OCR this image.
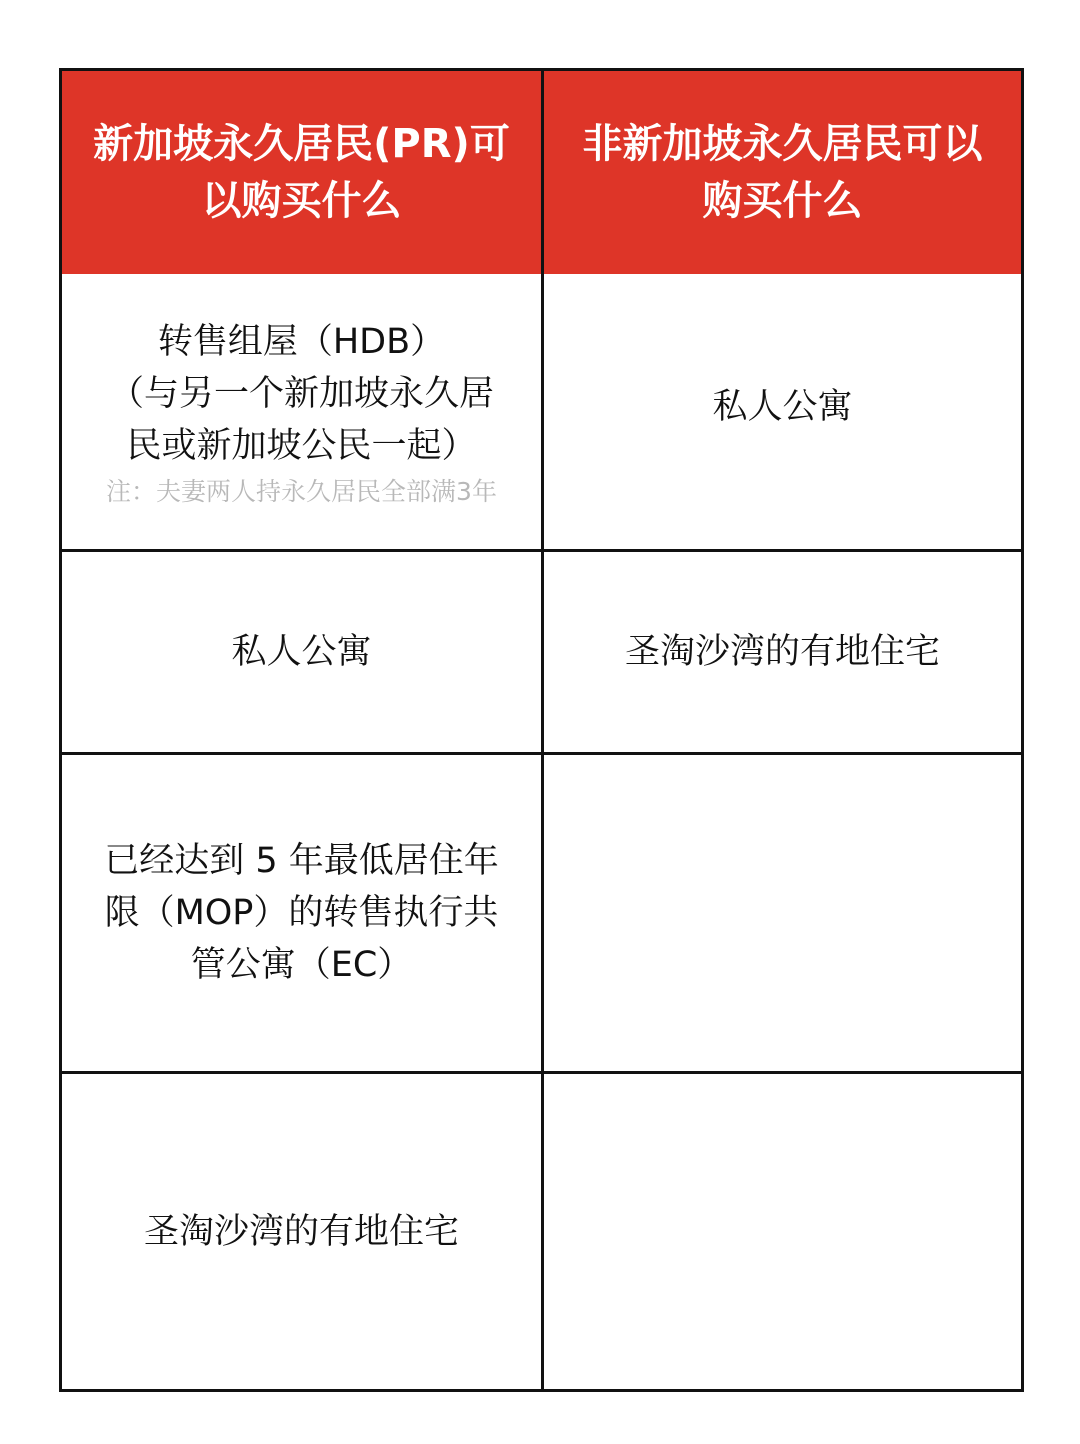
新加坡永久居民(PR)可
以购买什么
非新加坡永久居民可以
购买什么
转售组屋（HDB）
（与另一个新加坡永久居
民或新加坡公民一起）
注：夫妻两人持永久居民全部满3年
私人公寓
私人公寓	圣淘沙湾的有地住宅
已经达到 5 年最低居住年
限（MOP）的转售执行共
管公寓（EC）
圣淘沙湾的有地住宅
